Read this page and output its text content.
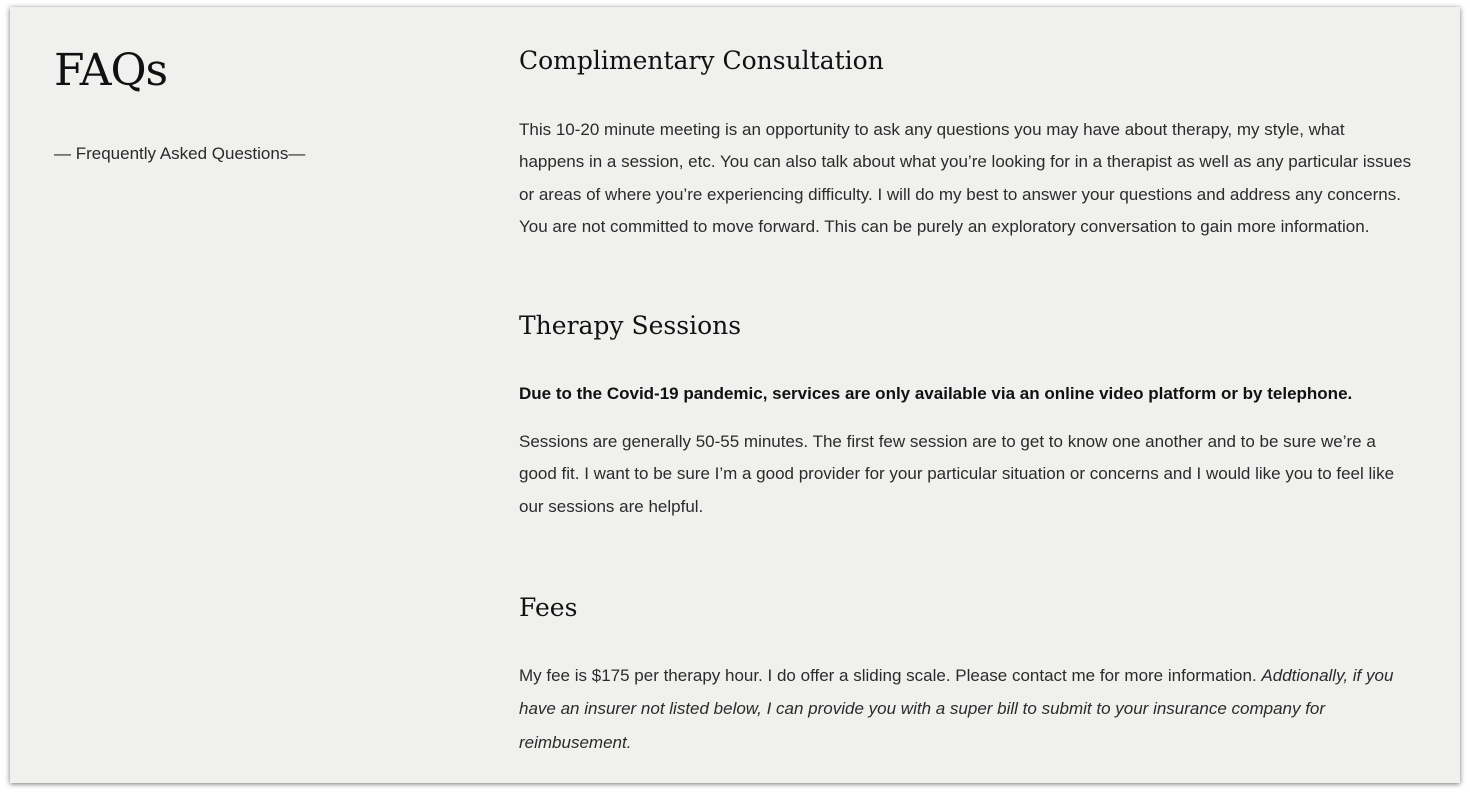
FAQs

— Frequently Asked Questions—

Complimentary Consultation

This 10-20 minute meeting is an opportunity to ask any questions you may have about therapy, my style, what happens in a session, etc. You can also talk about what you’re looking for in a therapist as well as any particular issues or areas of where you’re experiencing difficulty. I will do my best to answer your questions and address any concerns. You are not committed to move forward. This can be purely an exploratory conversation to gain more information.

Therapy Sessions

Due to the Covid-19 pandemic, services are only available via an online video platform or by telephone.

Sessions are generally 50-55 minutes. The first few session are to get to know one another and to be sure we’re a good fit. I want to be sure I’m a good provider for your particular situation or concerns and I would like you to feel like our sessions are helpful.

Fees

My fee is $175 per therapy hour. I do offer a sliding scale. Please contact me for more information. Addtionally, if you have an insurer not listed below, I can provide you with a super bill to submit to your insurance company for reimbusement.
